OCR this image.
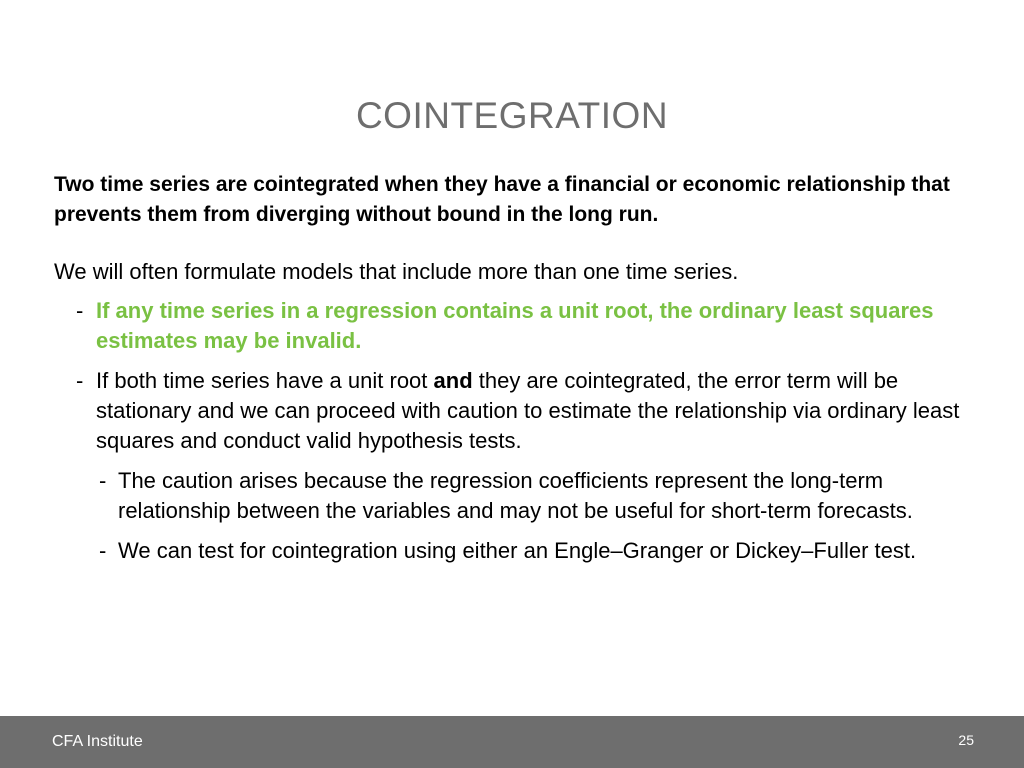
COINTEGRATION
Two time series are cointegrated when they have a financial or economic relationship that prevents them from diverging without bound in the long run.
We will often formulate models that include more than one time series.
- If any time series in a regression contains a unit root, the ordinary least squares estimates may be invalid.
- If both time series have a unit root and they are cointegrated, the error term will be stationary and we can proceed with caution to estimate the relationship via ordinary least squares and conduct valid hypothesis tests.
- The caution arises because the regression coefficients represent the long-term relationship between the variables and may not be useful for short-term forecasts.
- We can test for cointegration using either an Engle–Granger or Dickey–Fuller test.
CFA Institute	25
